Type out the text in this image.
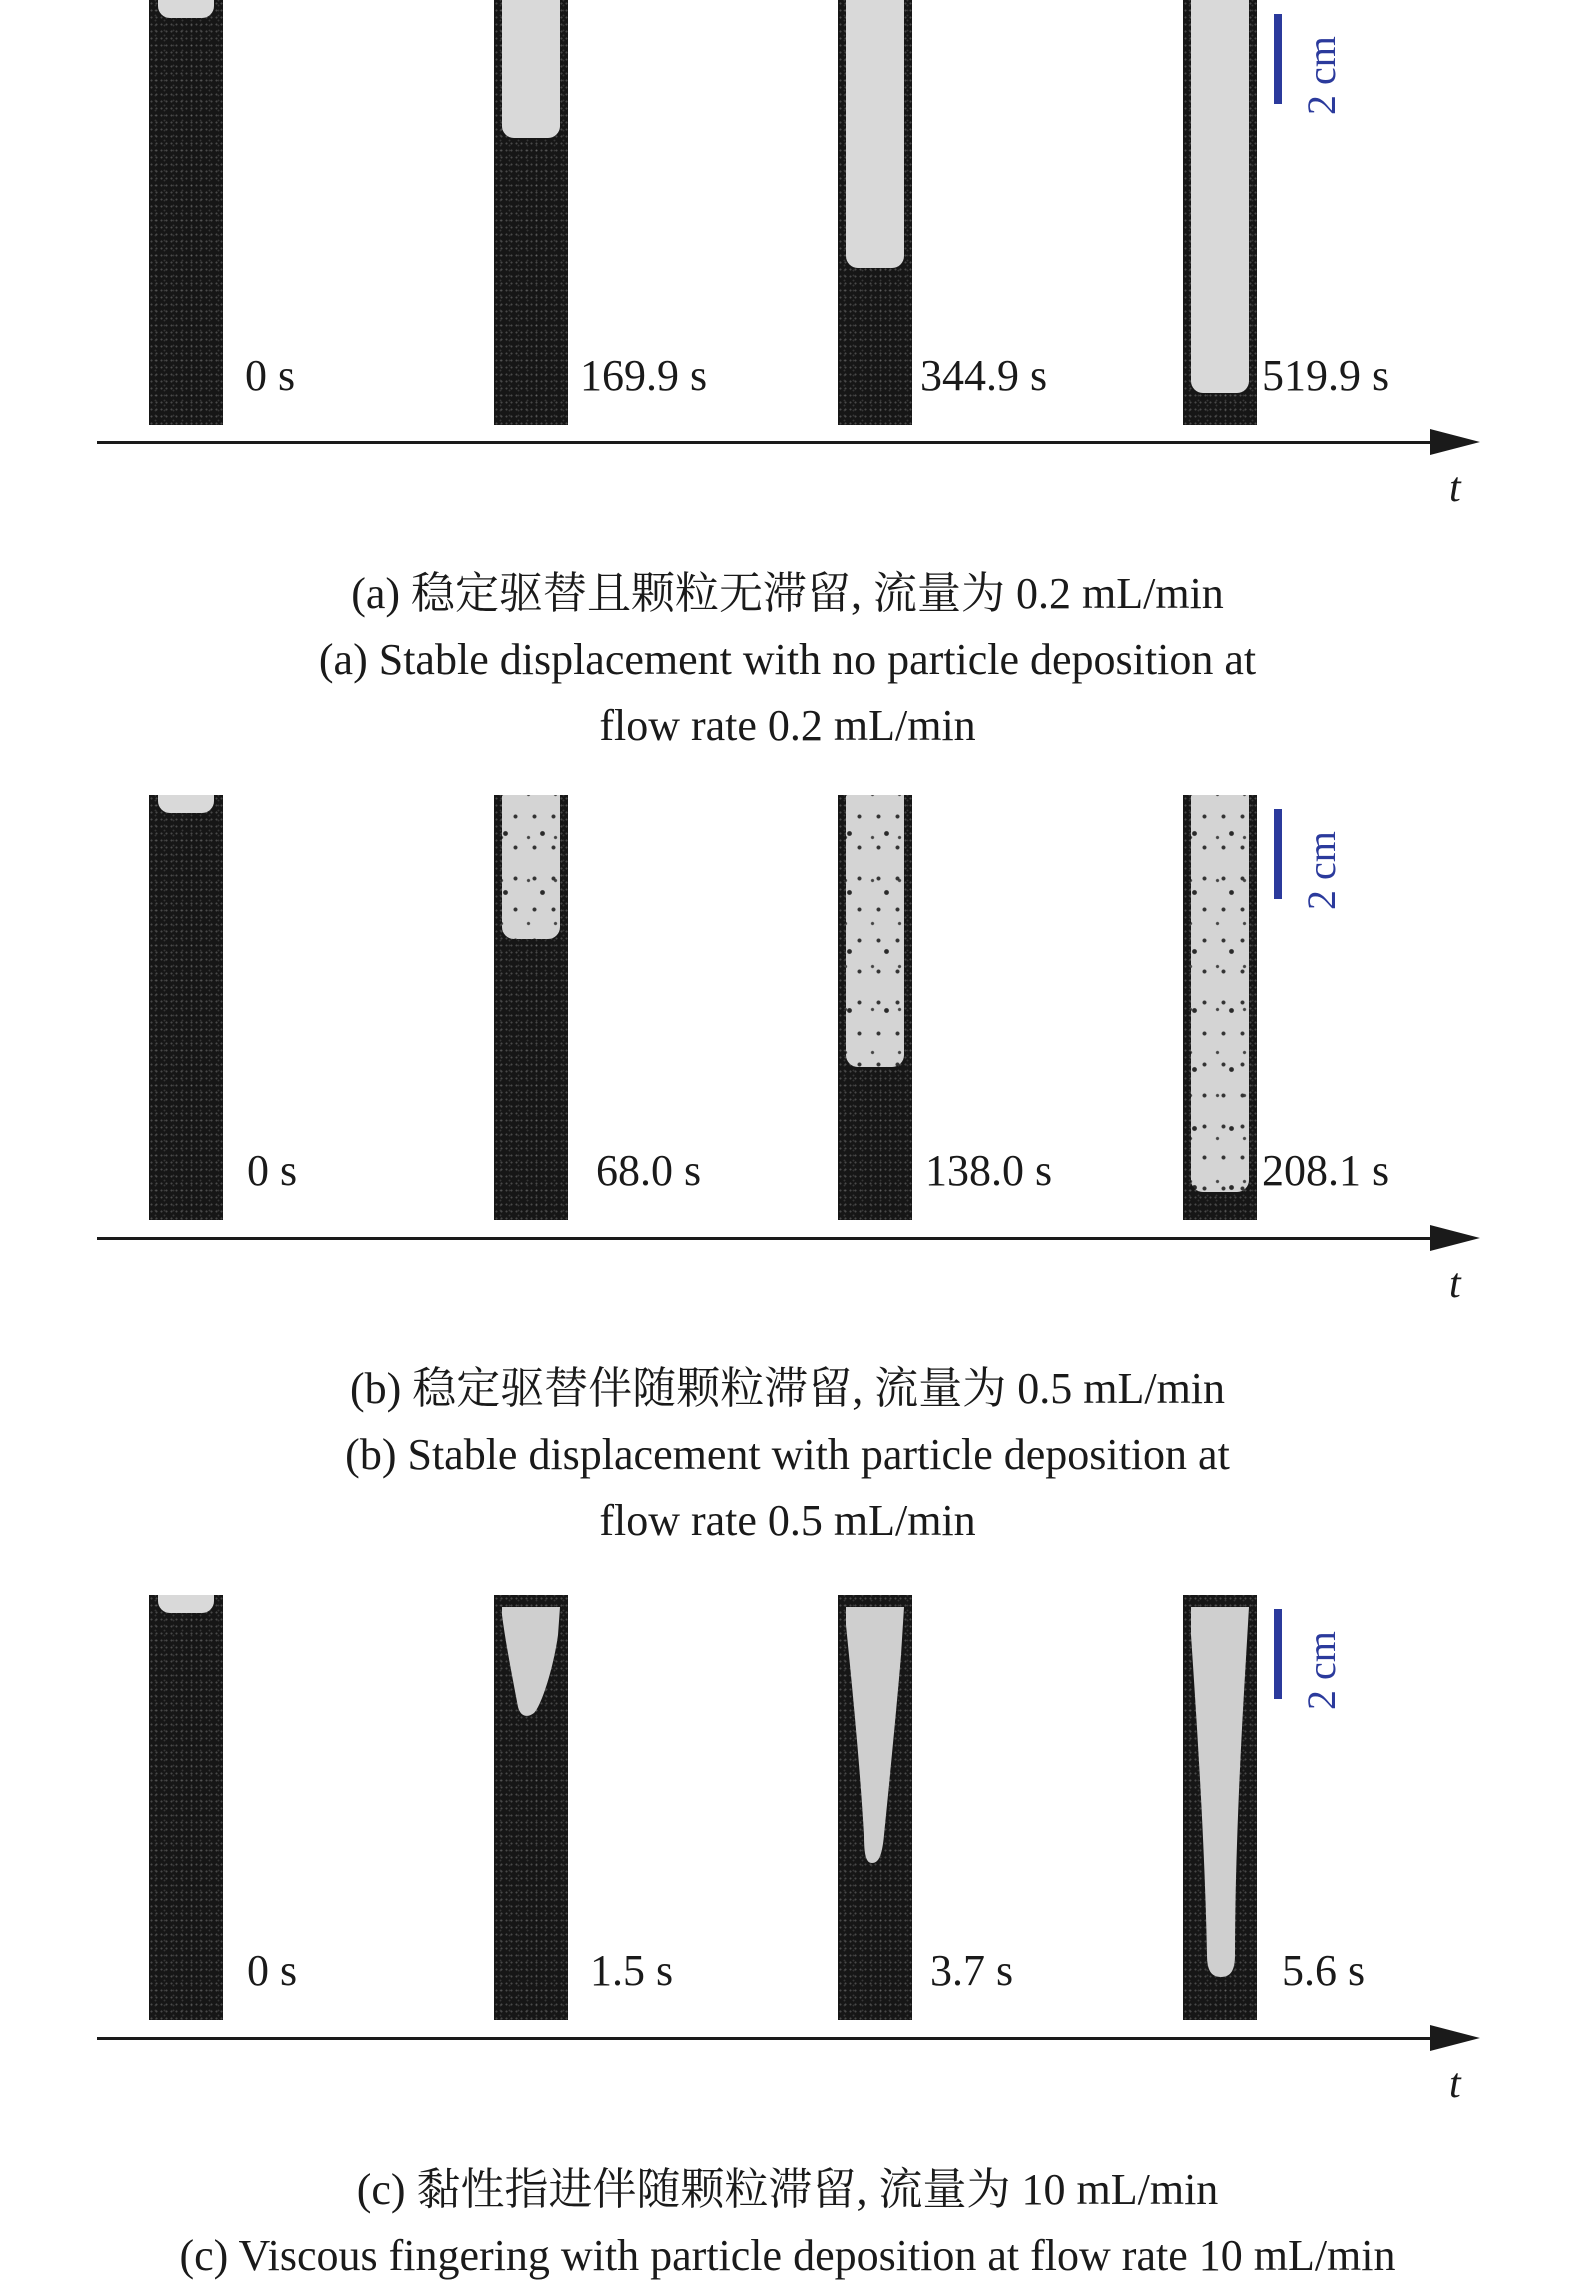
0 s	169.9 s	344.9 s	519.9 s
2 cm
t
(a) 稳定驱替且颗粒无滞留, 流量为 0.2 mL/min
(a) Stable displacement with no particle deposition at
flow rate 0.2 mL/min
0 s	68.0 s	138.0 s	208.1 s
2 cm
t
(b) 稳定驱替伴随颗粒滞留, 流量为 0.5 mL/min
(b) Stable displacement with particle deposition at
flow rate 0.5 mL/min
0 s	1.5 s	3.7 s	5.6 s
2 cm
t
(c) 黏性指进伴随颗粒滞留, 流量为 10 mL/min
(c) Viscous fingering with particle deposition at flow rate 10 mL/min
